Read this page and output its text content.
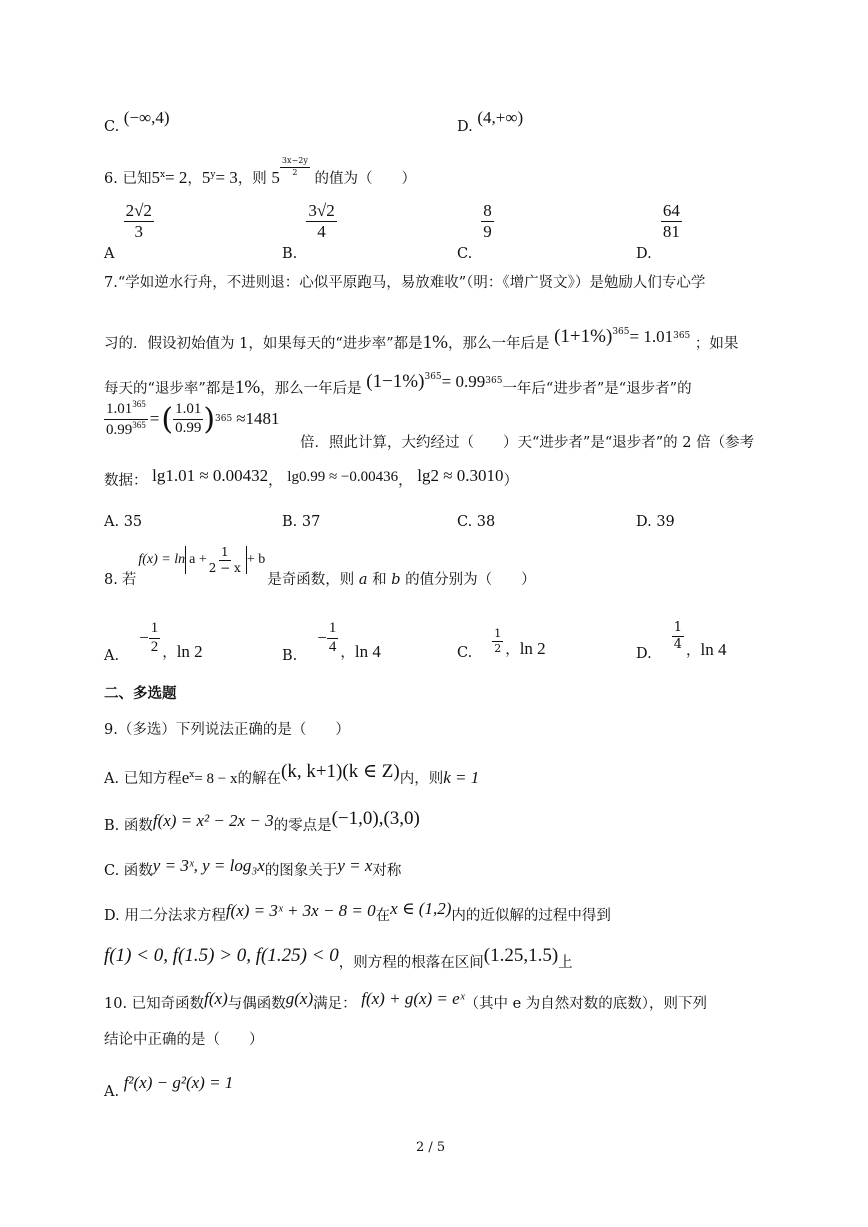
C. (−∞,4)	D. (4,+∞)
6. 已知$5^x= 2$，$5^y= 3$，则 5
$\frac{3x-2y}{2}$
的值为（　　）
A
$\frac{2√2}{3}$
B.
$\frac{3√2}{4}$
C.
$\frac{8}{9}$
D.
$\frac{64}{81}$
7.“学如逆水行舟，不进则退：心似平原跑马，易放难收”（明：《增广贤文》）是勉励人们专心学
习的．假设初始值为 1，如果每天的“进步率”都是1%，那么一年后是 $(1+1\%)^{365}= 1.01^{365}$ ；如果
每天的“退步率”都是1%，那么一年后是 $(1-1\%)^{365}= 0.99^{365}$一年后“进步者”是“退步者”的
$\frac{1.01^{365}}{0.99^{365}}$ = ( $\frac{1.01}{0.99}$ ) 365 ≈1481
倍．照此计算，大约经过（　　）天“进步者”是“退步者”的 2 倍（参考
数据： lg1.01 ≈ 0.00432， lg0.99 ≈ −0.00436， lg2 ≈ 0.3010）
A. 35	B. 37	C. 38	D. 39
8. 若
$f(x) = \ln a + \frac{1}{2 - x} + b$
是奇函数，则 a 和 b 的值分别为（　　）
A.
− $\frac{1}{2}$ ，ln 2	B.
− $\frac{1}{4}$ ，ln 4	C. $\frac{1}{2}$ ，ln 2	D.
$\frac{1}{4}$ ，ln 4
二、多选题
9.（多选）下列说法正确的是（　　）
A. 已知方程$e^x= 8 - x$的解在(k, k+1)(k ∈ Z)内，则k = 1
B. 函数f(x) = x² − 2x − 3的零点是(−1,0),(3,0)
C. 函数y = 3ˣ, y = log₃x的图象关于y = x对称
D. 用二分法求方程f(x) = 3ˣ + 3x − 8 = 0在x ∈ (1,2)内的近似解的过程中得到
f(1) < 0, f(1.5) > 0, f(1.25) < 0，则方程的根落在区间(1.25,1.5)上
10. 已知奇函数f(x)与偶函数g(x)满足： f(x) + g(x) = eˣ（其中 e 为自然对数的底数），则下列
结论中正确的是（　　）
A. f²(x) − g²(x) = 1
2 / 5
